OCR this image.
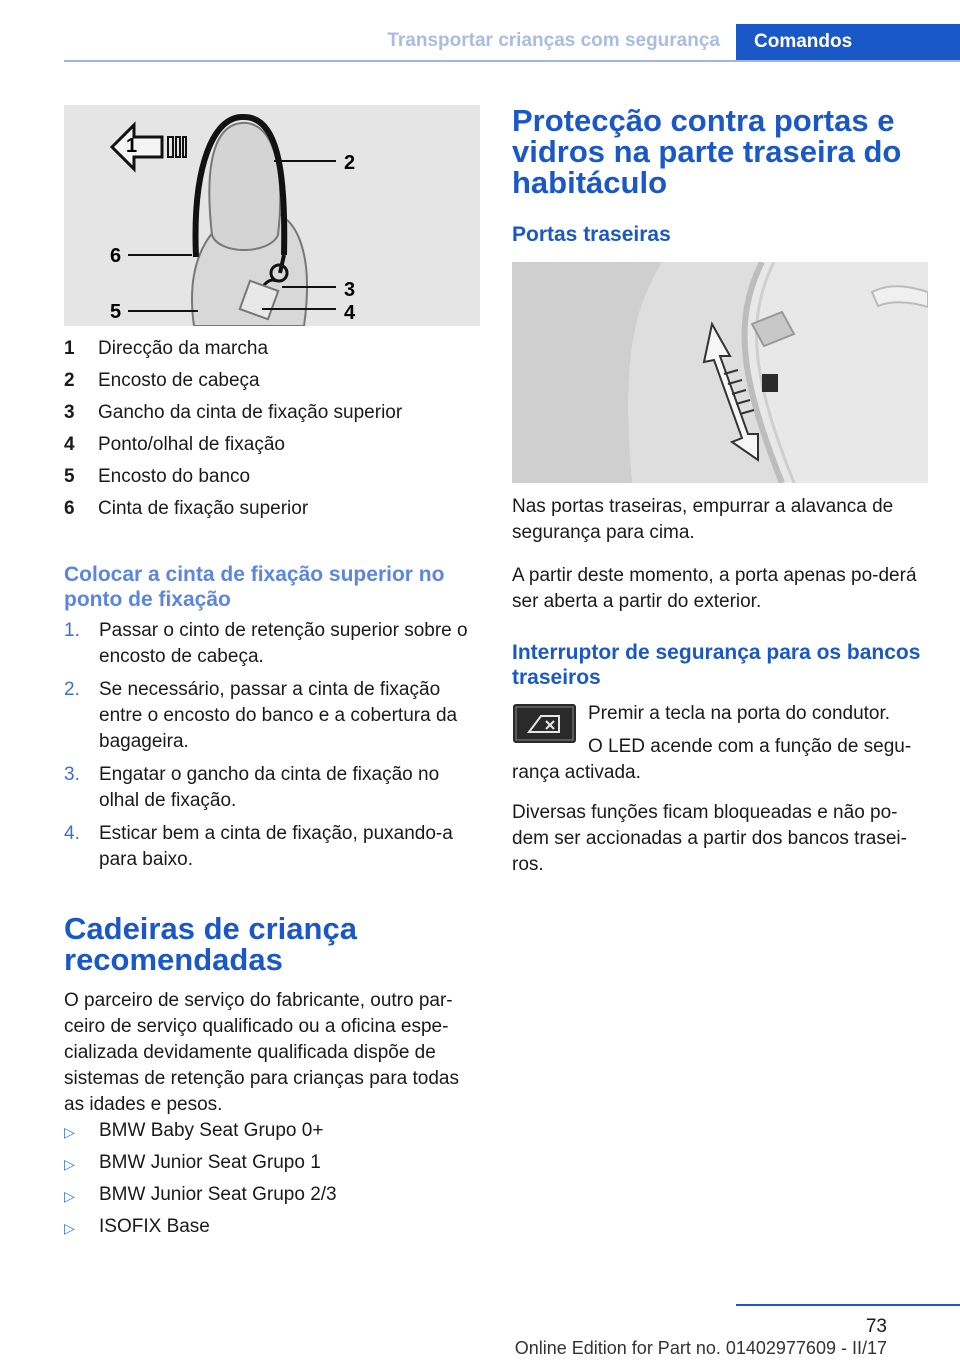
Transportar crianças com segurança	Comandos
1
2
3
4
5
6
1	Direcção da marcha
2	Encosto de cabeça
3	Gancho da cinta de fixação superior
4	Ponto/olhal de fixação
5	Encosto do banco
6	Cinta de fixação superior
Colocar a cinta de fixação superior no ponto de fixação
1.	Passar o cinto de retenção superior sobre o encosto de cabeça.
2.	Se necessário, passar a cinta de fixação entre o encosto do banco e a cobertura da bagageira.
3.	Engatar o gancho da cinta de fixação no olhal de fixação.
4.	Esticar bem a cinta de fixação, puxando-a para baixo.
Cadeiras de criança recomendadas
O parceiro de serviço do fabricante, outro par-ceiro de serviço qualificado ou a oficina espe-cializada devidamente qualificada dispõe de sistemas de retenção para crianças para todas as idades e pesos.
▷	BMW Baby Seat Grupo 0+
▷	BMW Junior Seat Grupo 1
▷	BMW Junior Seat Grupo 2/3
▷	ISOFIX Base
Protecção contra portas e vidros na parte traseira do habitáculo
Portas traseiras
Nas portas traseiras, empurrar a alavanca de segurança para cima.
A partir deste momento, a porta apenas po-derá ser aberta a partir do exterior.
Interruptor de segurança para os bancos traseiros
Premir a tecla na porta do condutor.
O LED acende com a função de segu-rança activada.
Diversas funções ficam bloqueadas e não po-dem ser accionadas a partir dos bancos trasei-ros.
73
Online Edition for Part no. 01402977609 - II/17
